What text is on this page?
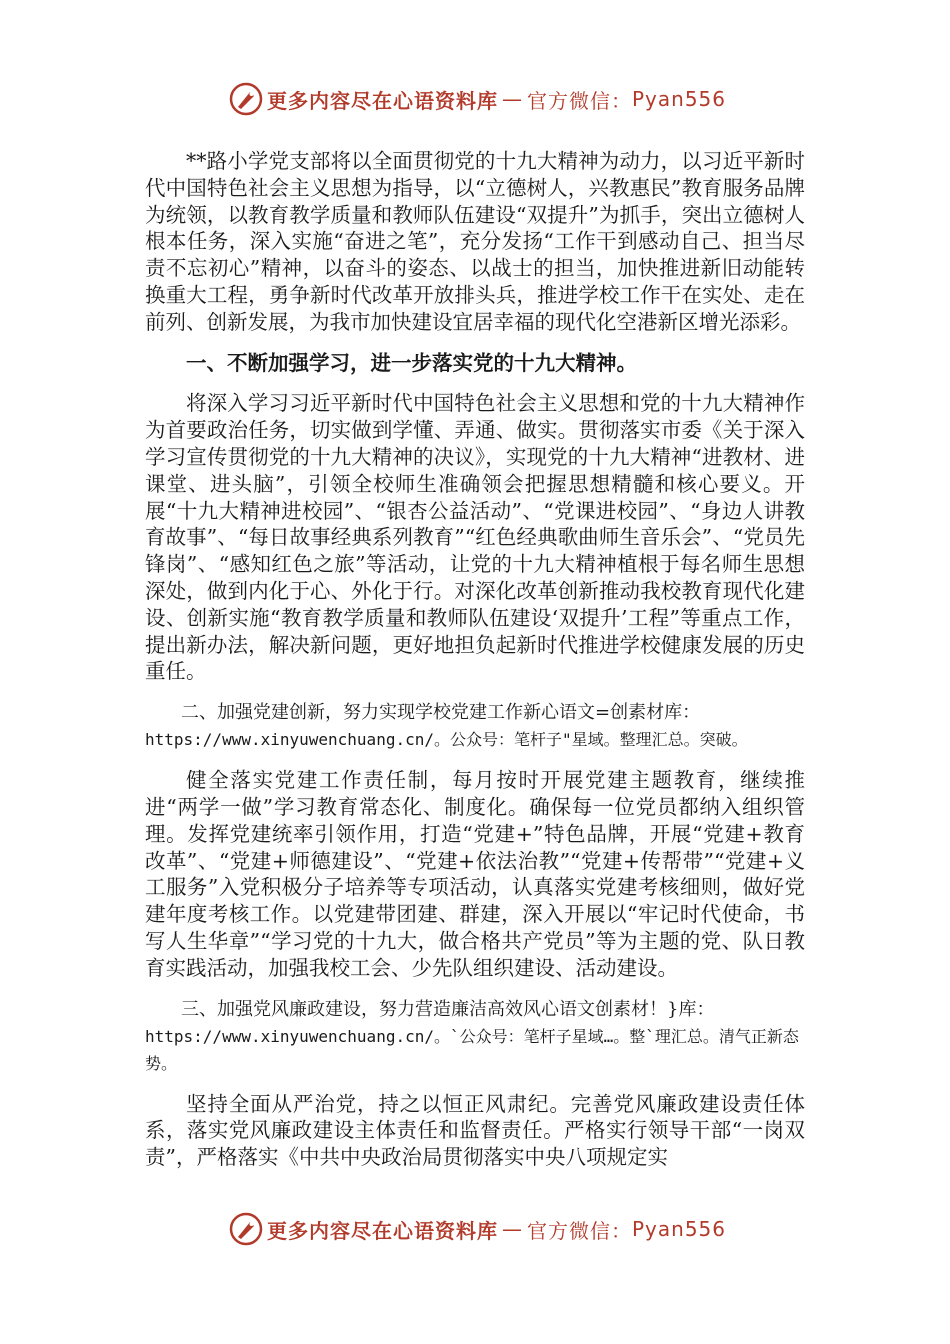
更多内容尽在心语资料库 — 官方微信： Pyan556

**路小学党支部将以全面贯彻党的十九大精神为动力，以习近平新时代中国特色社会主义思想为指导，以“立德树人，兴教惠民”教育服务品牌为统领，以教育教学质量和教师队伍建设“双提升”为抓手，突出立德树人根本任务，深入实施“奋进之笔”，充分发扬“工作干到感动自己、担当尽责不忘初心”精神，以奋斗的姿态、以战士的担当，加快推进新旧动能转换重大工程，勇争新时代改革开放排头兵，推进学校工作干在实处、走在前列、创新发展，为我市加快建设宜居幸福的现代化空港新区增光添彩。

一、不断加强学习，进一步落实党的十九大精神。

将深入学习习近平新时代中国特色社会主义思想和党的十九大精神作为首要政治任务，切实做到学懂、弄通、做实。贯彻落实市委《关于深入学习宣传贯彻党的十九大精神的决议》，实现党的十九大精神“进教材、进课堂、进头脑”，引领全校师生准确领会把握思想精髓和核心要义。开展“十九大精神进校园”、“银杏公益活动”、“党课进校园”、“身边人讲教育故事”、“每日故事经典系列教育”“红色经典歌曲师生音乐会”、“党员先锋岗”、“感知红色之旅”等活动，让党的十九大精神植根于每名师生思想深处，做到内化于心、外化于行。对深化改革创新推动我校教育现代化建设、创新实施“教育教学质量和教师队伍建设‘双提升’工程”等重点工作，提出新办法，解决新问题，更好地担负起新时代推进学校健康发展的历史重任。

二、加强党建创新，努力实现学校党建工作新心语文=创素材库：
https://www.xinyuwenchuang.cn/。公众号：笔杆子"星域。整理汇总。突破。

健全落实党建工作责任制，每月按时开展党建主题教育，继续推进“两学一做”学习教育常态化、制度化。确保每一位党员都纳入组织管理。发挥党建统率引领作用，打造“党建+”特色品牌，开展“党建+教育改革”、“党建+师德建设”、“党建+依法治教”“党建+传帮带”“党建+义工服务”入党积极分子培养等专项活动，认真落实党建考核细则，做好党建年度考核工作。以党建带团建、群建，深入开展以“牢记时代使命，书写人生华章”“学习党的十九大，做合格共产党员”等为主题的党、队日教育实践活动，加强我校工会、少先队组织建设、活动建设。

三、加强党风廉政建设，努力营造廉洁高效风心语文创素材！}库：
https://www.xinyuwenchuang.cn/。`公众号：笔杆子星域…。整`理汇总。清气正新态势。

坚持全面从严治党，持之以恒正风肃纪。完善党风廉政建设责任体系，落实党风廉政建设主体责任和监督责任。严格实行领导干部“一岗双责”，严格落实《中共中央政治局贯彻落实中央八项规定实

更多内容尽在心语资料库 — 官方微信： Pyan556
